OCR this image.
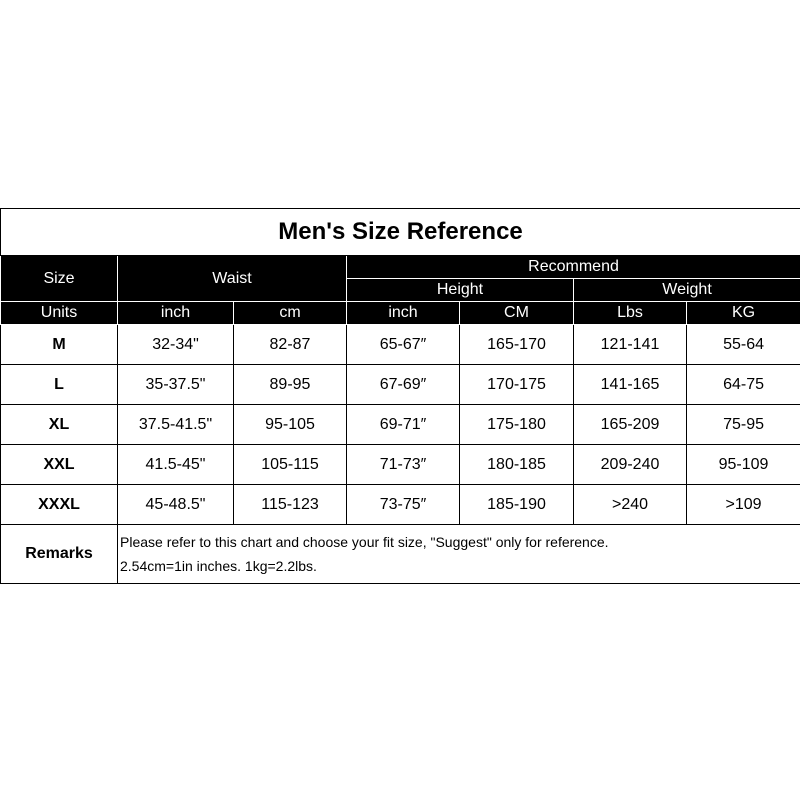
Men's Size Reference						
Size	Waist		Recommend			
			Height		Weight	
Units	inch	cm	inch	CM	Lbs	KG
M	32-34"	82-87	65-67″	165-170	121-141	55-64
L	35-37.5"	89-95	67-69″	170-175	141-165	64-75
XL	37.5-41.5"	95-105	69-71″	175-180	165-209	75-95
XXL	41.5-45"	105-115	71-73″	180-185	209-240	95-109
XXXL	45-48.5"	115-123	73-75″	185-190	>240	>109
Remarks	Please refer to this chart and choose your fit size, "Suggest" only for reference.
2.54cm=1in inches. 1kg=2.2lbs.					
